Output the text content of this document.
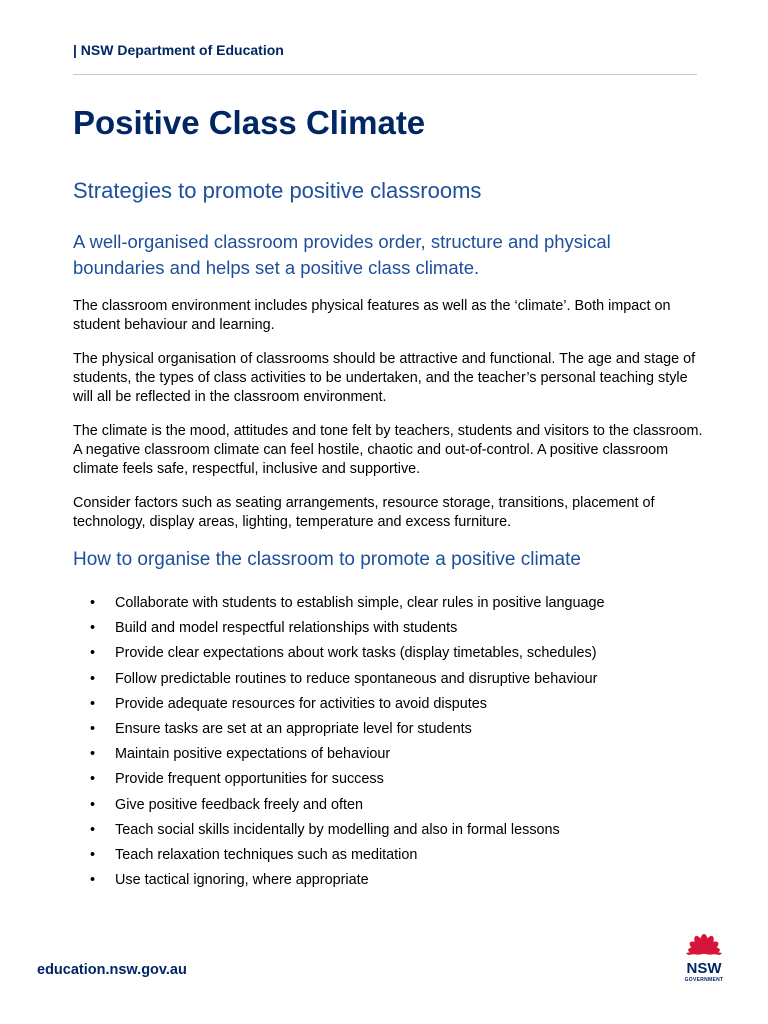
| NSW Department of Education
Positive Class Climate
Strategies to promote positive classrooms

A well-organised classroom provides order, structure and physical boundaries and helps set a positive class climate.

The classroom environment includes physical features as well as the ‘climate’. Both impact on student behaviour and learning.

The physical organisation of classrooms should be attractive and functional. The age and stage of students, the types of class activities to be undertaken, and the teacher’s personal teaching style will all be reflected in the classroom environment.

The climate is the mood, attitudes and tone felt by teachers, students and visitors to the classroom. A negative classroom climate can feel hostile, chaotic and out-of-control. A positive classroom climate feels safe, respectful, inclusive and supportive.

Consider factors such as seating arrangements, resource storage, transitions, placement of technology, display areas, lighting, temperature and excess furniture.

How to organise the classroom to promote a positive climate
• Collaborate with students to establish simple, clear rules in positive language
• Build and model respectful relationships with students
• Provide clear expectations about work tasks (display timetables, schedules)
• Follow predictable routines to reduce spontaneous and disruptive behaviour
• Provide adequate resources for activities to avoid disputes
• Ensure tasks are set at an appropriate level for students
• Maintain positive expectations of behaviour
• Provide frequent opportunities for success
• Give positive feedback freely and often
• Teach social skills incidentally by modelling and also in formal lessons
• Teach relaxation techniques such as meditation
• Use tactical ignoring, where appropriate
education.nsw.gov.au	NSW
GOVERNMENT
